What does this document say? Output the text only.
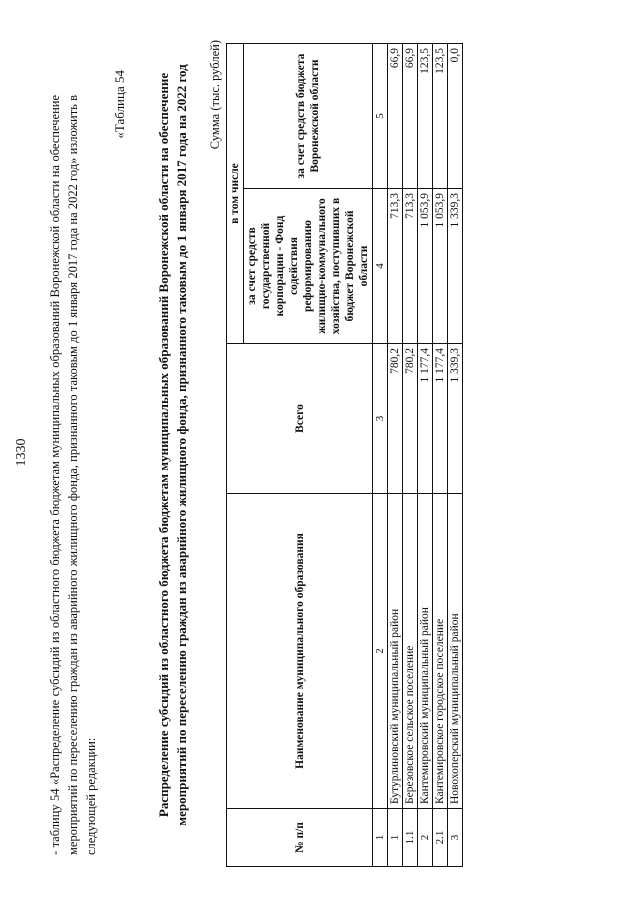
1330 - таблицу 54 «Распределение субсидий из областного бюджета бюджетам муниципальных образований Воронежской области на обеспечение мероприятий по переселению граждан из аварийного жилищного фонда, признанного таковым до 1 января 2017 года на 2022 год» изложить в следующей редакции:
«Таблица 54 Распределение субсидий из областного бюджета бюджетам муниципальных образований Воронежской области на обеспечение мероприятий по переселению граждан из аварийного жилищного фонда, признанного таковым до 1 января 2017 года на 2022 год Сумма (тыс. рублей)
№ п/п	Наименование муниципального образования	Всего	в том числе	
			за счет средств государственной корпорации - Фонд содействия реформированию жилищно-коммунального хозяйства, поступивших в бюджет Воронежской области	за счет средств бюджета Воронежской области
1	2	3	4	5
1	Бутурлиновский муниципальный район	780,2	713,3	66,9
1.1	Березовское сельское поселение	780,2	713,3	66,9
2	Кантемировский муниципальный район	1 177,4	1 053,9	123,5
2.1	Кантемировское городское поселение	1 177,4	1 053,9	123,5
3	Новохоперский муниципальный район	1 339,3	1 339,3	0,0
